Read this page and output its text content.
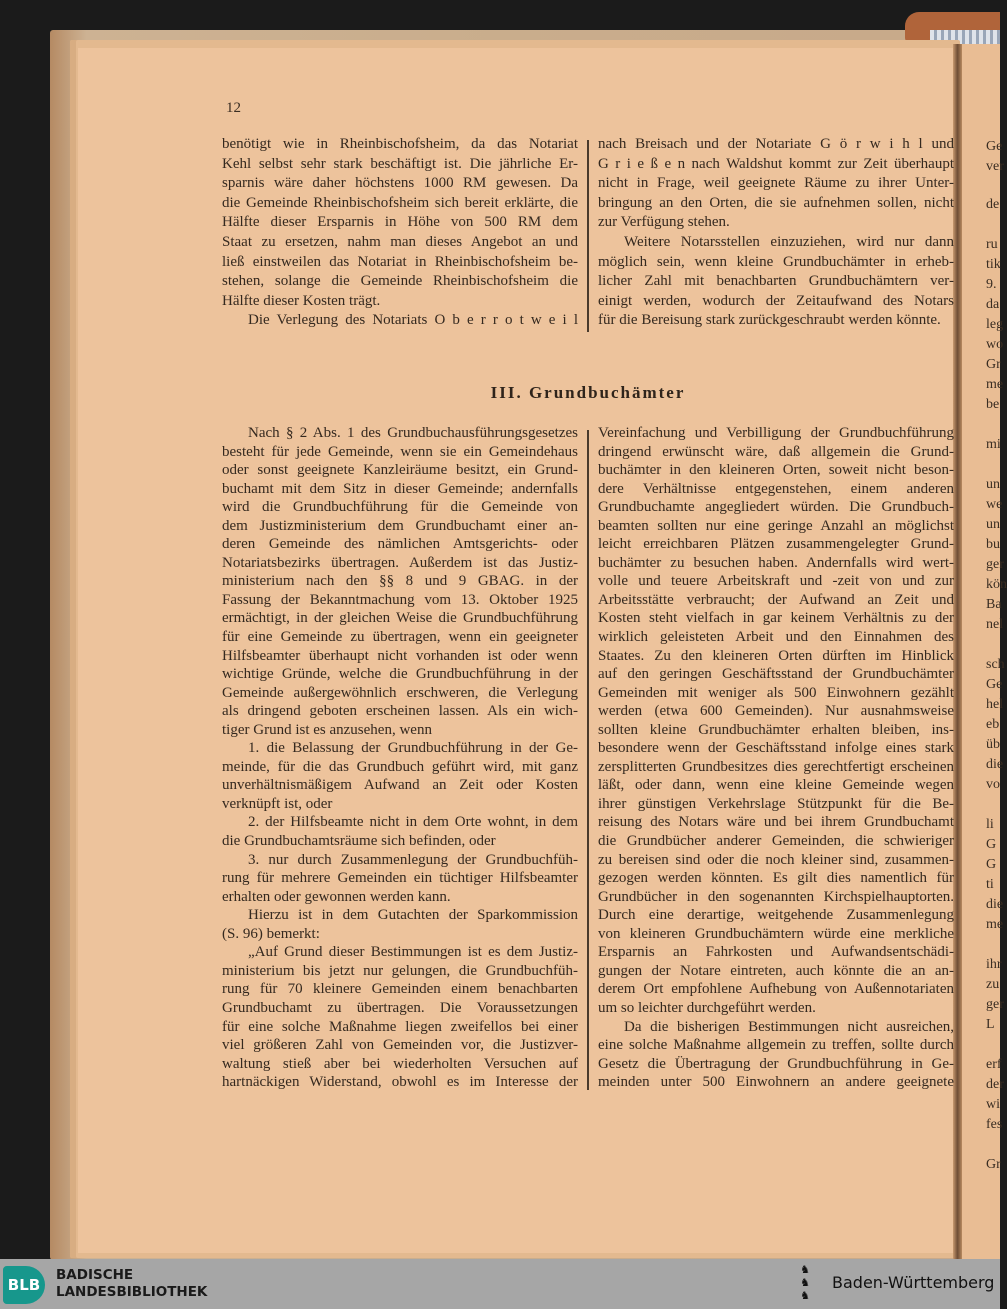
Ge
ver
de
ru
tik
9.
da
leg
wo
Gr
me
be
mi
un
we
un
bu
ger
kön
Ba
nel
sch
Ge
hel
eb
üb
die
vo
li
G
G
ti
die
me
ihr
zu
ger
L
erf
der
wi
fes
Gr
12
benötigt wie in Rheinbischofsheim, da das Notariat
Kehl selbst sehr stark beschäftigt ist. Die jährliche Er-
sparnis wäre daher höchstens 1000 RM gewesen. Da
die Gemeinde Rheinbischofsheim sich bereit erklärte, die
Hälfte dieser Ersparnis in Höhe von 500 RM dem
Staat zu ersetzen, nahm man dieses Angebot an und
ließ einstweilen das Notariat in Rheinbischofsheim be-
stehen, solange die Gemeinde Rheinbischofsheim die
Hälfte dieser Kosten trägt.
Die Verlegung des Notariats O b e r r o t w e i l
nach Breisach und der Notariate G ö r w i h l und
G r i e ß e n nach Waldshut kommt zur Zeit überhaupt
nicht in Frage, weil geeignete Räume zu ihrer Unter-
bringung an den Orten, die sie aufnehmen sollen, nicht
zur Verfügung stehen.
Weitere Notarsstellen einzuziehen, wird nur dann
möglich sein, wenn kleine Grundbuchämter in erheb-
licher Zahl mit benachbarten Grundbuchämtern ver-
einigt werden, wodurch der Zeitaufwand des Notars
für die Bereisung stark zurückgeschraubt werden könnte.
III. Grundbuchämter
Nach § 2 Abs. 1 des Grundbuchausführungsgesetzes
besteht für jede Gemeinde, wenn sie ein Gemeindehaus
oder sonst geeignete Kanzleiräume besitzt, ein Grund-
buchamt mit dem Sitz in dieser Gemeinde; andernfalls
wird die Grundbuchführung für die Gemeinde von
dem Justizministerium dem Grundbuchamt einer an-
deren Gemeinde des nämlichen Amtsgerichts- oder
Notariatsbezirks übertragen. Außerdem ist das Justiz-
ministerium nach den §§ 8 und 9 GBAG. in der
Fassung der Bekanntmachung vom 13. Oktober 1925
ermächtigt, in der gleichen Weise die Grundbuchführung
für eine Gemeinde zu übertragen, wenn ein geeigneter
Hilfsbeamter überhaupt nicht vorhanden ist oder wenn
wichtige Gründe, welche die Grundbuchführung in der
Gemeinde außergewöhnlich erschweren, die Verlegung
als dringend geboten erscheinen lassen. Als ein wich-
tiger Grund ist es anzusehen, wenn
1. die Belassung der Grundbuchführung in der Ge-
meinde, für die das Grundbuch geführt wird, mit ganz
unverhältnismäßigem Aufwand an Zeit oder Kosten
verknüpft ist, oder
2. der Hilfsbeamte nicht in dem Orte wohnt, in dem
die Grundbuchamtsräume sich befinden, oder
3. nur durch Zusammenlegung der Grundbuchfüh-
rung für mehrere Gemeinden ein tüchtiger Hilfsbeamter
erhalten oder gewonnen werden kann.
Hierzu ist in dem Gutachten der Sparkommission
(S. 96) bemerkt:
„Auf Grund dieser Bestimmungen ist es dem Justiz-
ministerium bis jetzt nur gelungen, die Grundbuchfüh-
rung für 70 kleinere Gemeinden einem benachbarten
Grundbuchamt zu übertragen. Die Voraussetzungen
für eine solche Maßnahme liegen zweifellos bei einer
viel größeren Zahl von Gemeinden vor, die Justizver-
waltung stieß aber bei wiederholten Versuchen auf
hartnäckigen Widerstand, obwohl es im Interesse der
Vereinfachung und Verbilligung der Grundbuchführung
dringend erwünscht wäre, daß allgemein die Grund-
buchämter in den kleineren Orten, soweit nicht beson-
dere Verhältnisse entgegenstehen, einem anderen
Grundbuchamte angegliedert würden. Die Grundbuch-
beamten sollten nur eine geringe Anzahl an möglichst
leicht erreichbaren Plätzen zusammengelegter Grund-
buchämter zu besuchen haben. Andernfalls wird wert-
volle und teuere Arbeitskraft und -zeit von und zur
Arbeitsstätte verbraucht; der Aufwand an Zeit und
Kosten steht vielfach in gar keinem Verhältnis zu der
wirklich geleisteten Arbeit und den Einnahmen des
Staates. Zu den kleineren Orten dürften im Hinblick
auf den geringen Geschäftsstand der Grundbuchämter
Gemeinden mit weniger als 500 Einwohnern gezählt
werden (etwa 600 Gemeinden). Nur ausnahmsweise
sollten kleine Grundbuchämter erhalten bleiben, ins-
besondere wenn der Geschäftsstand infolge eines stark
zersplitterten Grundbesitzes dies gerechtfertigt erscheinen
läßt, oder dann, wenn eine kleine Gemeinde wegen
ihrer günstigen Verkehrslage Stützpunkt für die Be-
reisung des Notars wäre und bei ihrem Grundbuchamt
die Grundbücher anderer Gemeinden, die schwieriger
zu bereisen sind oder die noch kleiner sind, zusammen-
gezogen werden könnten. Es gilt dies namentlich für
Grundbücher in den sogenannten Kirchspielhauptorten.
Durch eine derartige, weitgehende Zusammenlegung
von kleineren Grundbuchämtern würde eine merkliche
Ersparnis an Fahrkosten und Aufwandsentschädi-
gungen der Notare eintreten, auch könnte die an an-
derem Ort empfohlene Aufhebung von Außennotariaten
um so leichter durchgeführt werden.
Da die bisherigen Bestimmungen nicht ausreichen,
eine solche Maßnahme allgemein zu treffen, sollte durch
Gesetz die Übertragung der Grundbuchführung in Ge-
meinden unter 500 Einwohnern an andere geeignete
BLB
BADISCHE
LANDESBIBLIOTHEK
♞
♞
♞
Baden-Württemberg
